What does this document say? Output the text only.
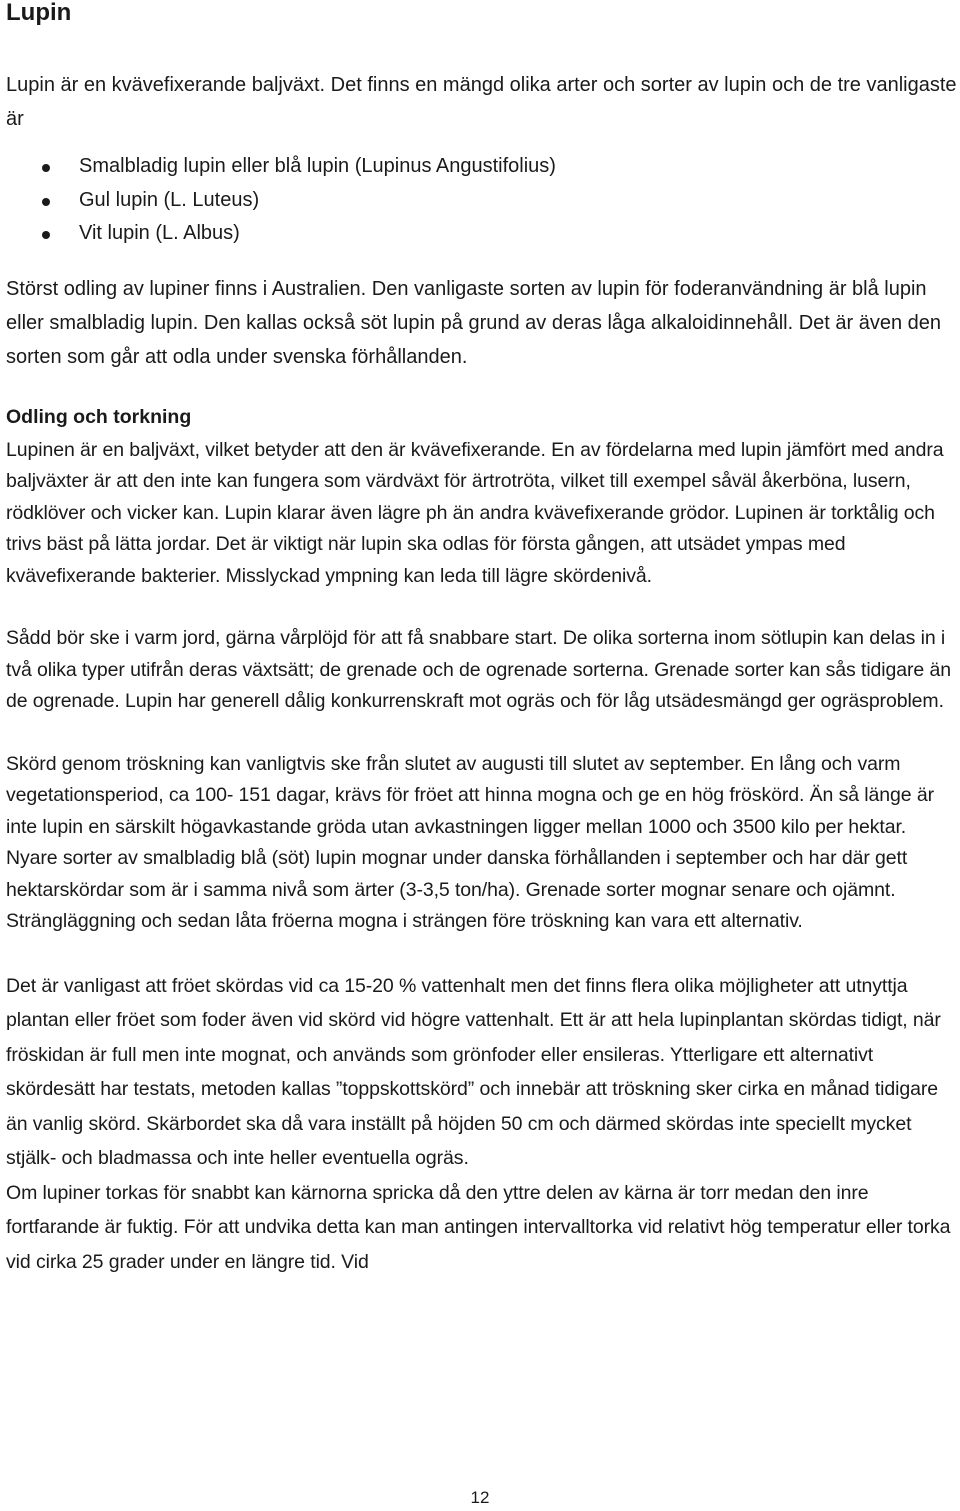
Lupin

Lupin är en kvävefixerande baljväxt. Det finns en mängd olika arter och sorter av lupin och de tre vanligaste är

Smalbladig lupin eller blå lupin (Lupinus Angustifolius)
Gul lupin (L. Luteus)
Vit lupin (L. Albus)

Störst odling av lupiner finns i Australien. Den vanligaste sorten av lupin för foderanvändning är blå lupin eller smalbladig lupin. Den kallas också söt lupin på grund av deras låga alkaloidinnehåll. Det är även den sorten som går att odla under svenska förhållanden.

Odling och torkning

Lupinen är en baljväxt, vilket betyder att den är kvävefixerande. En av fördelarna med lupin jämfört med andra baljväxter är att den inte kan fungera som värdväxt för ärtrotröta, vilket till exempel såväl åkerböna, lusern, rödklöver och vicker kan. Lupin klarar även lägre ph än andra kvävefixerande grödor. Lupinen är torktålig och trivs bäst på lätta jordar. Det är viktigt när lupin ska odlas för första gången, att utsädet ympas med kvävefixerande bakterier. Misslyckad ympning kan leda till lägre skördenivå.

Sådd bör ske i varm jord, gärna vårplöjd för att få snabbare start. De olika sorterna inom sötlupin kan delas in i två olika typer utifrån deras växtsätt; de grenade och de ogrenade sorterna. Grenade sorter kan sås tidigare än de ogrenade. Lupin har generell dålig konkurrenskraft mot ogräs och för låg utsädesmängd ger ogräsproblem.

Skörd genom tröskning kan vanligtvis ske från slutet av augusti till slutet av september. En lång och varm vegetationsperiod, ca 100- 151 dagar, krävs för fröet att hinna mogna och ge en hög fröskörd. Än så länge är inte lupin en särskilt högavkastande gröda utan avkastningen ligger mellan 1000 och 3500 kilo per hektar. Nyare sorter av smalbladig blå (söt) lupin mognar under danska förhållanden i september och har där gett hektarskördar som är i samma nivå som ärter (3-3,5 ton/ha). Grenade sorter mognar senare och ojämnt. Strängläggning och sedan låta fröerna mogna i strängen före tröskning kan vara ett alternativ.

Det är vanligast att fröet skördas vid ca 15-20 % vattenhalt men det finns flera olika möjligheter att utnyttja plantan eller fröet som foder även vid skörd vid högre vattenhalt. Ett är att hela lupinplantan skördas tidigt, när fröskidan är full men inte mognat, och används som grönfoder eller ensileras. Ytterligare ett alternativt skördesätt har testats, metoden kallas ”toppskottskörd” och innebär att tröskning sker cirka en månad tidigare än vanlig skörd. Skärbordet ska då vara inställt på höjden 50 cm och därmed skördas inte speciellt mycket stjälk- och bladmassa och inte heller eventuella ogräs.

Om lupiner torkas för snabbt kan kärnorna spricka då den yttre delen av kärna är torr medan den inre fortfarande är fuktig. För att undvika detta kan man antingen intervalltorka vid relativt hög temperatur eller torka vid cirka 25 grader under en längre tid. Vid

12
